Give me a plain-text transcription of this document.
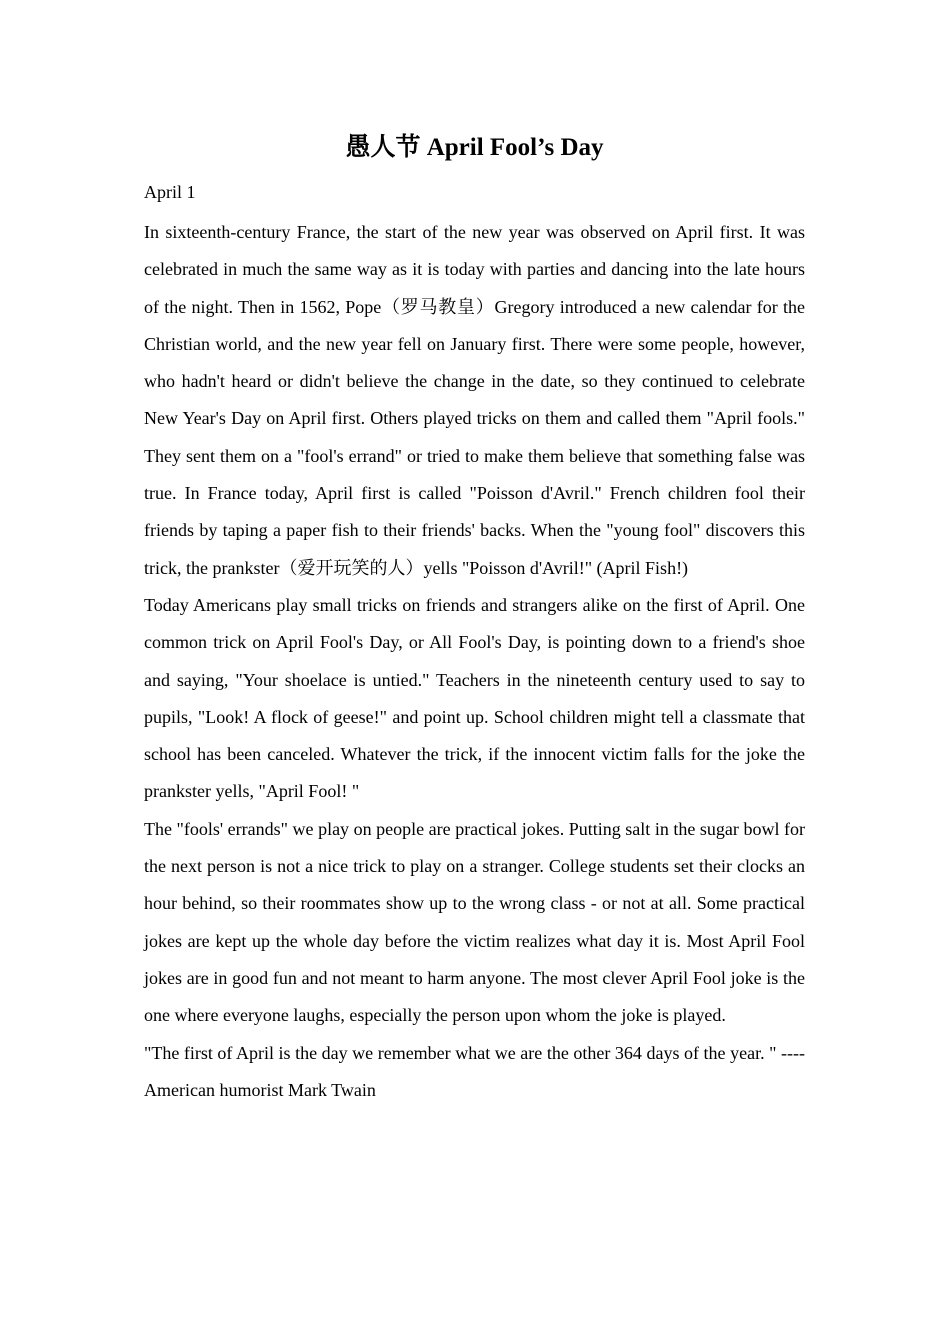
愚人节 April Fool’s Day

April 1

In sixteenth-century France, the start of the new year was observed on April first. It was celebrated in much the same way as it is today with parties and dancing into the late hours of the night. Then in 1562, Pope（罗马教皇）Gregory introduced a new calendar for the Christian world, and the new year fell on January first. There were some people, however, who hadn't heard or didn't believe the change in the date, so they continued to celebrate New Year's Day on April first. Others played tricks on them and called them "April fools." They sent them on a "fool's errand" or tried to make them believe that something false was true. In France today, April first is called "Poisson d'Avril." French children fool their friends by taping a paper fish to their friends' backs. When the "young fool" discovers this trick, the prankster（爱开玩笑的人）yells "Poisson d'Avril!" (April Fish!)

Today Americans play small tricks on friends and strangers alike on the first of April. One common trick on April Fool's Day, or All Fool's Day, is pointing down to a friend's shoe and saying, "Your shoelace is untied." Teachers in the nineteenth century used to say to pupils, "Look! A flock of geese!" and point up. School children might tell a classmate that school has been canceled. Whatever the trick, if the innocent victim falls for the joke the prankster yells, "April Fool! "

The "fools' errands" we play on people are practical jokes. Putting salt in the sugar bowl for the next person is not a nice trick to play on a stranger. College students set their clocks an hour behind, so their roommates show up to the wrong class - or not at all. Some practical jokes are kept up the whole day before the victim realizes what day it is. Most April Fool jokes are in good fun and not meant to harm anyone. The most clever April Fool joke is the one where everyone laughs, especially the person upon whom the joke is played.

"The first of April is the day we remember what we are the other 364 days of the year. " ---- American humorist Mark Twain
